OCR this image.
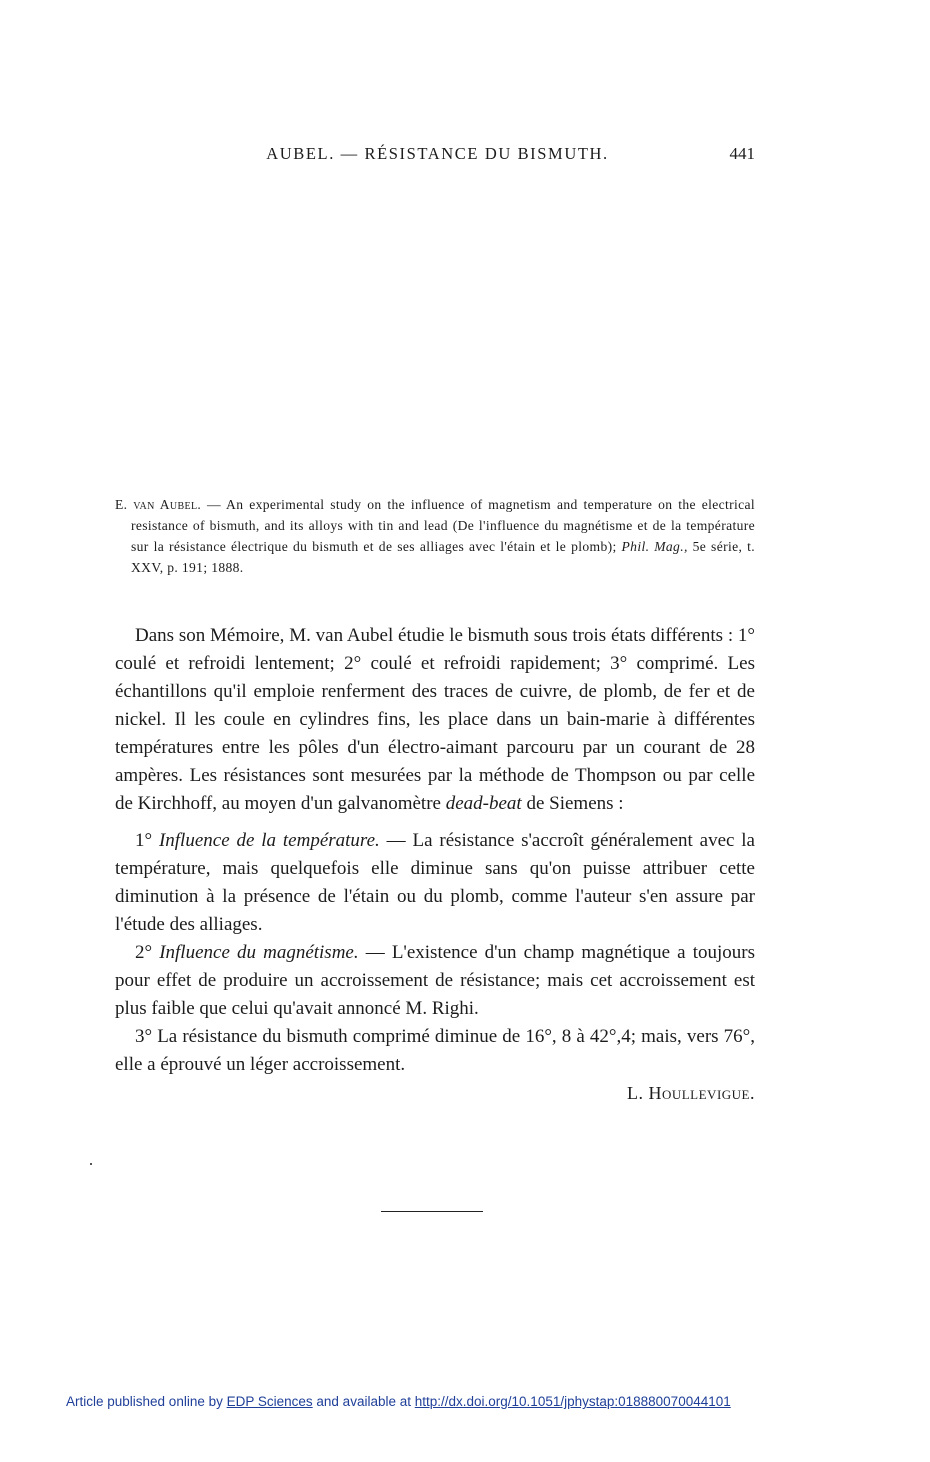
AUBEL. — RÉSISTANCE DU BISMUTH.	441

E. van Aubel. — An experimental study on the influence of magnetism and temperature on the electrical resistance of bismuth, and its alloys with tin and lead (De l'influence du magnétisme et de la température sur la résistance électrique du bismuth et de ses alliages avec l'étain et le plomb); Phil. Mag., 5e série, t. XXV, p. 191; 1888.

Dans son Mémoire, M. van Aubel étudie le bismuth sous trois états différents : 1° coulé et refroidi lentement; 2° coulé et refroidi rapidement; 3° comprimé. Les échantillons qu'il emploie renferment des traces de cuivre, de plomb, de fer et de nickel. Il les coule en cylindres fins, les place dans un bain-marie à différentes températures entre les pôles d'un électro-aimant parcouru par un courant de 28 ampères. Les résistances sont mesurées par la méthode de Thompson ou par celle de Kirchhoff, au moyen d'un galvanomètre dead-beat de Siemens :

1° Influence de la température. — La résistance s'accroît généralement avec la température, mais quelquefois elle diminue sans qu'on puisse attribuer cette diminution à la présence de l'étain ou du plomb, comme l'auteur s'en assure par l'étude des alliages.

2° Influence du magnétisme. — L'existence d'un champ magnétique a toujours pour effet de produire un accroissement de résistance; mais cet accroissement est plus faible que celui qu'avait annoncé M. Righi.

3° La résistance du bismuth comprimé diminue de 16°, 8 à 42°,4; mais, vers 76°, elle a éprouvé un léger accroissement.

L. Houllevigue.

Article published online by EDP Sciences and available at http://dx.doi.org/10.1051/jphystap:018880070044101
